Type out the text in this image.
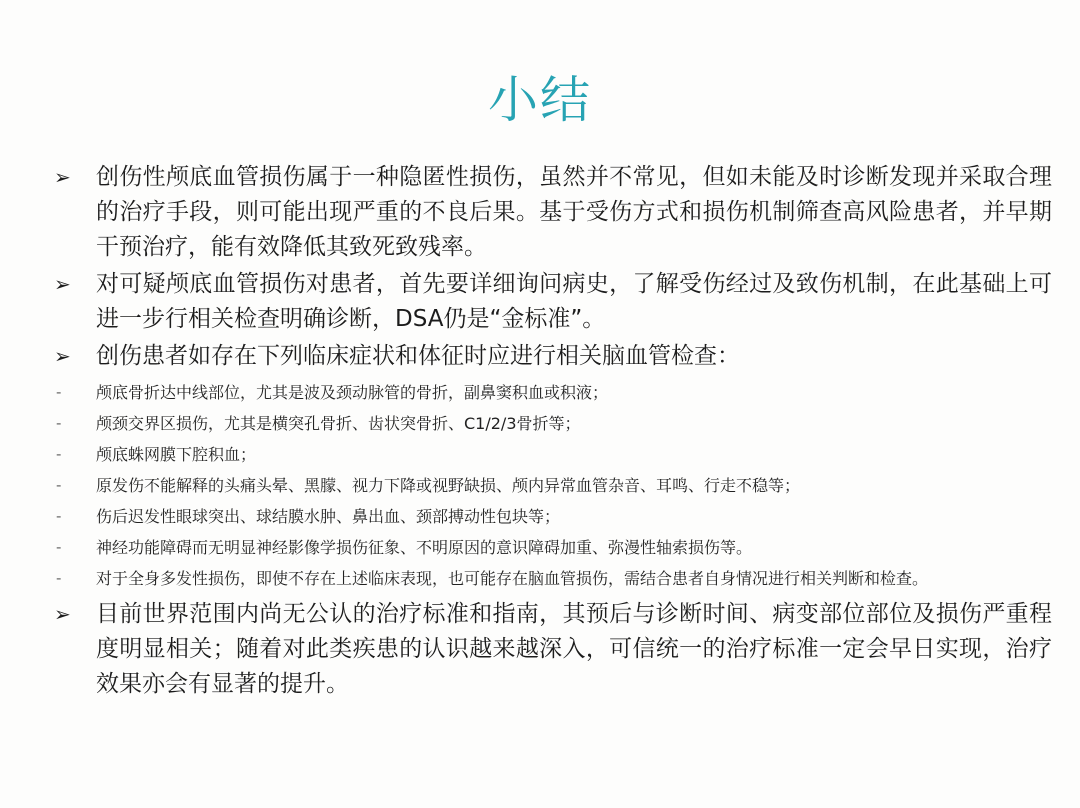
小结
➢ 创伤性颅底血管损伤属于一种隐匿性损伤，虽然并不常见，但如未能及时诊断发现并采取合理的治疗手段，则可能出现严重的不良后果。基于受伤方式和损伤机制筛查高风险患者，并早期干预治疗，能有效降低其致死致残率。
➢ 对可疑颅底血管损伤对患者，首先要详细询问病史，了解受伤经过及致伤机制，在此基础上可进一步行相关检查明确诊断，DSA仍是“金标准”。
➢ 创伤患者如存在下列临床症状和体征时应进行相关脑血管检查：
- 颅底骨折达中线部位，尤其是波及颈动脉管的骨折，副鼻窦积血或积液；
- 颅颈交界区损伤，尤其是横突孔骨折、齿状突骨折、C1/2/3骨折等；
- 颅底蛛网膜下腔积血；
- 原发伤不能解释的头痛头晕、黑朦、视力下降或视野缺损、颅内异常血管杂音、耳鸣、行走不稳等；
- 伤后迟发性眼球突出、球结膜水肿、鼻出血、颈部搏动性包块等；
- 神经功能障碍而无明显神经影像学损伤征象、不明原因的意识障碍加重、弥漫性轴索损伤等。
- 对于全身多发性损伤，即使不存在上述临床表现，也可能存在脑血管损伤，需结合患者自身情况进行相关判断和检查。
➢ 目前世界范围内尚无公认的治疗标准和指南，其预后与诊断时间、病变部位部位及损伤严重程度明显相关；随着对此类疾患的认识越来越深入，可信统一的治疗标准一定会早日实现，治疗效果亦会有显著的提升。
